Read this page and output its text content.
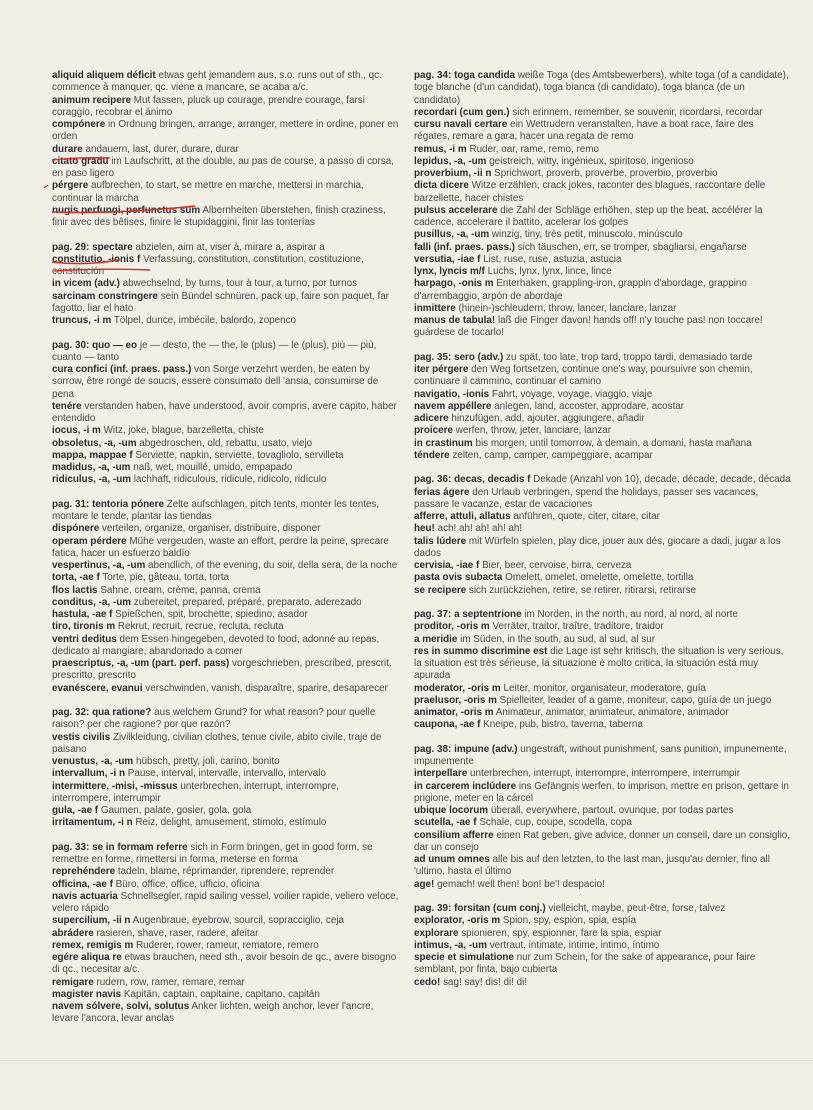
aliquid aliquem déficit etwas geht jemandem aus, s.o. runs out of sth., qc. commence à manquer, qc. viene a mancare, se acaba a/c.

animum recipere Mut fassen, pluck up courage, prendre courage, farsi coraggio, recobrar el ánimo

compónere in Ordnung bringen, arrange, arranger, mettere in ordine, poner en orden

durare andauern, last, durer, durare, durar

citato gradu im Laufschritt, at the double, au pas de course, a passo di corsa, en paso ligero

pérgere aufbrechen, to start, se mettre en marche, mettersi in marchia, continuar la marcha

nugis perfungi, perfunctus sum Albernheiten überstehen, finish craziness, finir avec des bêtises, finire le stupidaggini, finir las tonterías

pag. 29: spectare abzielen, aim at, viser à, mirare a, aspirar a

constitutio, -ionis f Verfassung, constitution, constitution, costituzione, constitución

in vicem (adv.) abwechselnd, by turns, tour à tour, a turno, por turnos

sarcinam constringere sein Bündel schnüren, pack up, faire son paquet, far fagotto, liar el hato

truncus, -i m Tölpel, dunce, imbécile, balordo, zopenco

pag. 30: quo — eo je — desto, the — the, le (plus) — le (plus), più — più, cuanto — tanto

cura confici (inf. praes. pass.) von Sorge verzehrt werden, be eaten by sorrow, être rongé de soucis, essere consumato dell 'ansia, consumirse de pena

tenére verstanden haben, have understood, avoir compris, avere capito, haber entendido

iocus, -i m Witz, joke, blague, barzelletta, chiste

obsoletus, -a, -um abgedroschen, old, rebattu, usato, viejo

mappa, mappae f Serviette, napkin, serviette, tovagliolo, servilleta

madidus, -a, -um naß, wet, mouillé, umido, empapado

ridiculus, -a, -um lachhaft, ridiculous, ridicule, ridicolo, ridículo

pag. 31: tentoria pónere Zelte aufschlagen, pitch tents, monter les tentes, montare le tende, plantar las tiendas

dispónere verteilen, organize, organiser, distribuire, disponer

operam pérdere Mühe vergeuden, waste an effort, perdre la peine, sprecare fatica, hacer un esfuerzo baldío

vespertinus, -a, -um abendlich, of the evening, du soir, della sera, de la noche

torta, -ae f Torte, pie, gâteau, torta, torta

flos lactis Sahne, cream, crème, panna, crema

conditus, -a, -um zubereitet, prepared, préparé, preparato, aderezado

hastula, -ae f Spießchen, spit, brochette, spiedino, asador

tiro, tironis m Rekrut, recruit, recrue, recluta, recluta

ventri deditus dem Essen hingegeben, devoted to food, adonné au repas, dedicato al mangiare, abandonado a comer

praescriptus, -a, -um (part. perf. pass) vorgeschrieben, prescribed, prescrit, prescritto, prescrito

evanéscere, evanui verschwinden, vanish, disparaître, sparire, desaparecer

pag. 32: qua ratione? aus welchem Grund? for what reason? pour quelle raison? per che ragione? por que razón?

vestis civilis Zivilkleidung, civilian clothes, tenue civile, abito civile, traje de paisano

venustus, -a, -um hübsch, pretty, joli, carino, bonito

intervallum, -i n Pause, interval, intervalle, intervallo, intervalo

intermittere, -misi, -missus unterbrechen, interrupt, interrompre, interrompere, interrumpir

gula, -ae f Gaumen, palate, gosier, gola, gola

irritamentum, -i n Reiz, delight, amusement, stimolo, estímulo

pag. 33: se in formam referre sich in Form bringen, get in good form, se remettre en forme, rimettersi in forma, meterse en forma

reprehéndere tadeln, blame, réprimander, riprendere, reprender

officina, -ae f Büro, office, office, ufficio, oficina

navis actuaria Schnellsegler, rapid sailing vessel, voilier rapide, veliero veloce, velero rápido

supercilium, -ii n Augenbraue, eyebrow, sourcil, sopracciglio, ceja

abrádere rasieren, shave, raser, radere, afeitar

remex, remigis m Ruderer, rower, rameur, rematore, remero

egére aliqua re etwas brauchen, need sth., avoir besoin de qc., avere bisogno di qc., necesitar a/c.

remigare rudern, row, ramer, remare, remar

magister navis Kapitän, captain, capitaine, capitano, capitán

navem sólvere, solvi, solutus Anker lichten, weigh anchor, lever l'ancre, levare l'ancora, levar anclas

pag. 34: toga candida weiße Toga (des Amtsbewerbers), white toga (of a candidate), toge blanche (d'un candidat), toga bianca (di candidato), toga blanca (de un candidato)

recordari (cum gen.) sich erinnern, remember, se souvenir, ricordarsi, recordar

cursu navali certare ein Wettrudern veranstalten, have a boat race, faire des régates, remare a gara, hacer una regata de remo

remus, -i m Ruder, oar, rame, remo, remo

lepidus, -a, -um geistreich, witty, ingénieux, spiritoso, ingenioso

proverbium, -ii n Sprichwort, proverb, proverbe, proverbio, proverbio

dicta dicere Witze erzählen, crack jokes, raconter des blagues, raccontare delle barzellette, hacer chistes

pulsus accelerare die Zahl der Schläge erhöhen, step up the beat, accélérer la cadence, accelerare il battito, acelerar los golpes

pusillus, -a, -um winzig, tiny, très petit, minuscolo, minúsculo

falli (inf. praes. pass.) sich täuschen, err, se tromper, sbagliarsi, engañarse

versutia, -iae f List, ruse, ruse, astuzia, astucia

lynx, lyncis m/f Luchs, lynx, lynx, lince, lince

harpago, -onis m Enterhaken, grappling-iron, grappin d'abordage, grappino d'arrembaggio, arpón de abordaje

inmittere (hinein-)schleudern, throw, lancer, lanciare, lanzar

manus de tabula! laß die Finger davon! hands off! n'y touche pas! non toccare! guárdese de tocarlo!

pag. 35: sero (adv.) zu spät, too late, trop tard, troppo tardi, demasiado tarde

iter pérgere den Weg fortsetzen, continue one's way, poursuivre son chemin, continuare il cammino, continuar el camino

navigatio, -ionis Fahrt, voyage, voyage, viaggio, viaje

navem appéllere anlegen, land, accoster, approdare, acostar

adicere hinzufügen, add, ajouter, aggiungere, añadir

proicere werfen, throw, jeter, lanciare, lanzar

in crastinum bis morgen, until tomorrow, à demain, a domani, hasta mañana

téndere zelten, camp, camper, campeggiare, acampar

pag. 36: decas, decadis f Dekade (Anzahl von 10), decade, décade, decade, década

ferias ágere den Urlaub verbringen, spend the holidays, passer ses vacances, passare le vacanze, estar de vacaciones

afferre, attuli, allatus anführen, quote, citer, citare, citar

heu! ach! ah! ah! ah! ah!

talis lúdere mit Würfeln spielen, play dice, jouer aux dés, giocare a dadi, jugar a los dados

cervisia, -iae f Bier, beer, cervoise, birra, cerveza

pasta ovis subacta Omelett, omelet, omelette, omelette, tortilla

se recipere sich zurückziehen, retire, se retirer, ritirarsi, retirarse

pag. 37: a septentrione im Norden, in the north, au nord, al nord, al norte

proditor, -oris m Verräter, traitor, traître, traditore, traidor

a meridie im Süden, in the south, au sud, al sud, al sur

res in summo discrimine est die Lage ist sehr kritisch, the situation is very serious, la situation est très sérieuse, la situazione è molto critica, la situación está muy apurada

moderator, -oris m Leiter, monitor, organisateur, moderatore, guía

praelusor, -oris m Spielleiter, leader of a game, moniteur, capo, guía de un juego

animator, -oris m Animateur, animator, animateur, animatore, animador

caupona, -ae f Kneipe, pub, bistro, taverna, taberna

pag. 38: impune (adv.) ungestraft, without punishment, sans punition, impunemente, impunemente

interpellare unterbrechen, interrupt, interrompre, interrompere, interrumpir

in carcerem inclúdere ins Gefängnis werfen, to imprison, mettre en prison, gettare in prigione, meter en la cárcel

ubique locorum überall, everywhere, partout, ovunque, por todas partes

scutella, -ae f Schale, cup, coupe, scodella, copa

consilium afferre einen Rat geben, give advice, donner un conseil, dare un consiglio, dar un consejo

ad unum omnes alle bis auf den letzten, to the last man, jusqu'au dernier, fino all 'ultimo, hasta el último

age! gemach! well then! bon! be'! despacio!

pag. 39: forsitan (cum conj.) vielleicht, maybe, peut-être, forse, talvez

explorator, -oris m Spion, spy, espion, spia, espía

explorare spionieren, spy, espionner, fare la spia, espiar

intimus, -a, -um vertraut, intimate, intime, intimo, íntimo

specie et simulatione nur zum Schein, for the sake of appearance, pour faire semblant, por finta, bajo cubierta

cedo! sag! say! dis! di! di!
